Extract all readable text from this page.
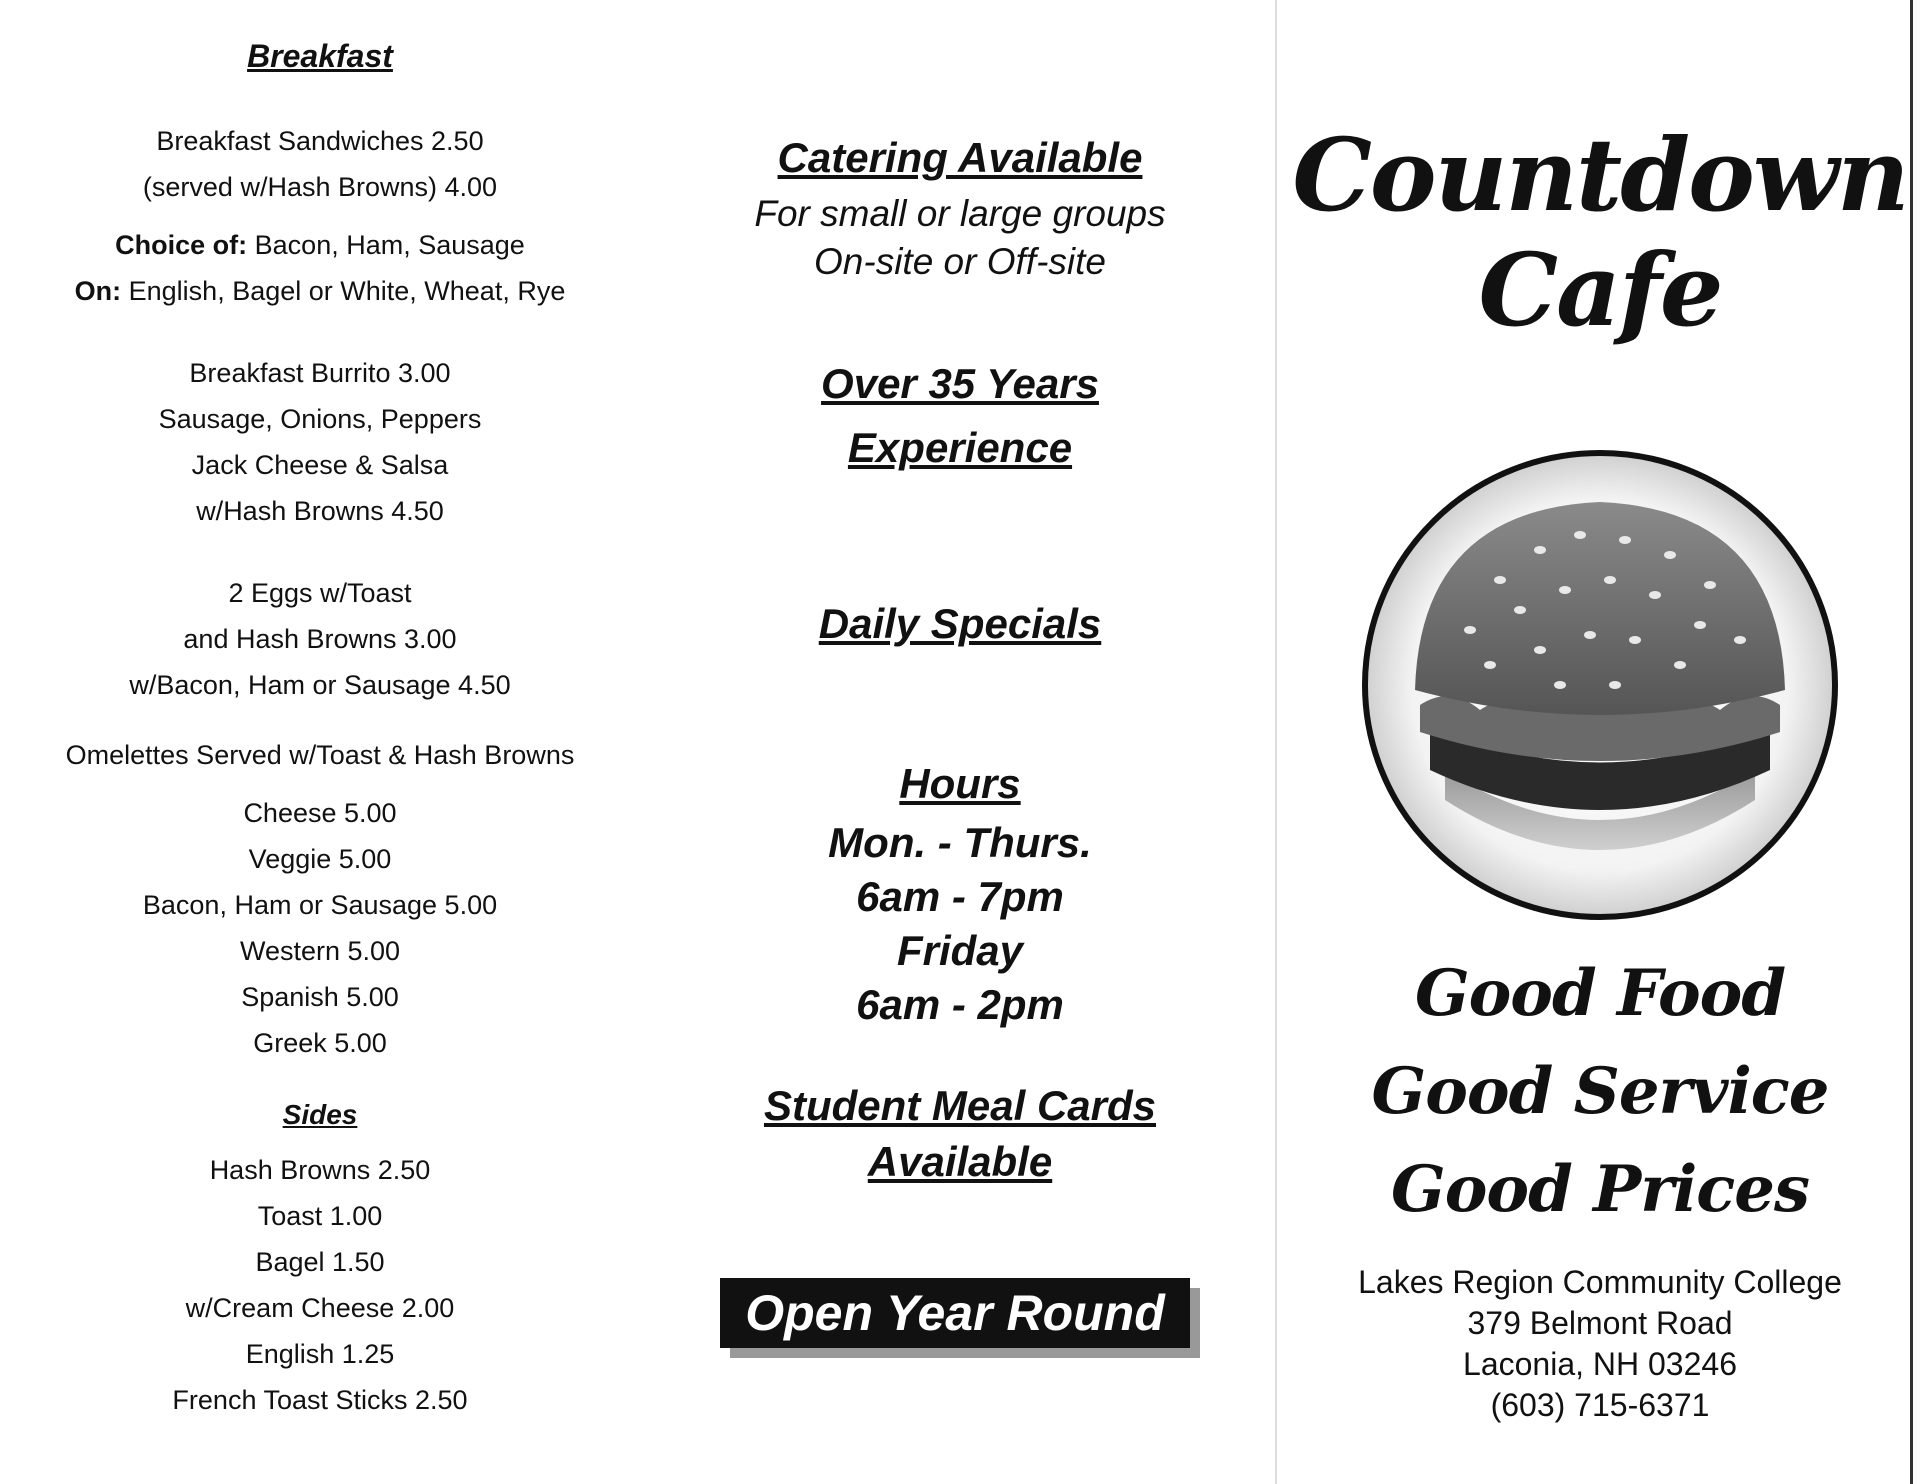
Breakfast
Breakfast Sandwiches 2.50
(served w/Hash Browns) 4.00
Choice of: Bacon, Ham, Sausage
On: English, Bagel or White, Wheat, Rye
Breakfast Burrito 3.00
Sausage, Onions, Peppers
Jack Cheese & Salsa
w/Hash Browns 4.50
2 Eggs w/Toast
and Hash Browns 3.00
w/Bacon, Ham or Sausage 4.50
Omelettes Served w/Toast & Hash Browns
Cheese 5.00
Veggie 5.00
Bacon, Ham or Sausage 5.00
Western 5.00
Spanish 5.00
Greek 5.00
Sides
Hash Browns 2.50
Toast 1.00
Bagel 1.50
w/Cream Cheese 2.00
English 1.25
French Toast Sticks 2.50
Catering Available
For small or large groups
On-site or Off-site
Over 35 Years
Experience
Daily Specials
Hours
Mon. - Thurs.
6am - 7pm
Friday
6am - 2pm
Student Meal Cards
Available
Open Year Round
Countdown
Cafe
Good Food
Good Service
Good Prices
Lakes Region Community College
379 Belmont Road
Laconia, NH 03246
(603) 715-6371
